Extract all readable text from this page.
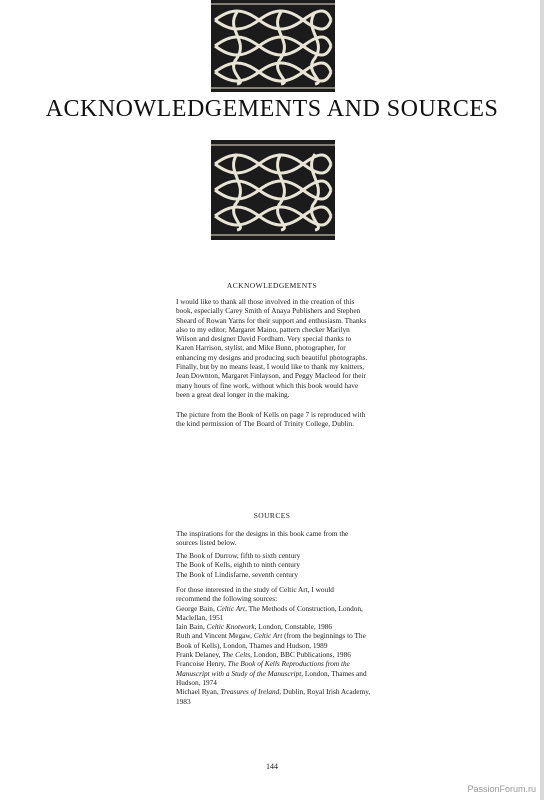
ACKNOWLEDGEMENTS AND SOURCES
ACKNOWLEDGEMENTS

I would like to thank all those involved in the creation of this
book, especially Carey Smith of Anaya Publishers and Stephen
Sheard of Rowan Yarns for their support and enthusiasm. Thanks
also to my editor, Margaret Maino, pattern checker Marilyn
Wilson and designer David Fordham. Very special thanks to
Karen Harrison, stylist, and Mike Bunn, photographer, for
enhancing my designs and producing such beautiful photographs.
Finally, but by no means least, I would like to thank my knitters,
Jean Downton, Margaret Finlayson, and Peggy Macleod for their
many hours of fine work, without which this book would have
been a great deal longer in the making.

The picture from the Book of Kells on page 7 is reproduced with
the kind permission of The Board of Trinity College, Dublin.

SOURCES

The inspirations for the designs in this book came from the
sources listed below.

The Book of Durrow, fifth to sixth century
The Book of Kells, eighth to ninth century
The Book of Lindisfarne, seventh century
For those interested in the study of Celtic Art, I would
recommend the following sources:
George Bain, Celtic Art, The Methods of Construction, London,
Maclellan, 1951
Iain Bain, Celtic Knotwork, London, Constable, 1986
Ruth and Vincent Megaw, Celtic Art (from the beginnings to The
Book of Kells), London, Thames and Hudson, 1989
Frank Delaney, The Celts, London, BBC Publications, 1986
Francoise Henry, The Book of Kells Reproductions from the
Manuscript with a Study of the Manuscript, London, Thames and
Hudson, 1974
Michael Ryan, Treasures of Ireland, Dublin, Royal Irish Academy,
1983
144
PassionForum.ru
